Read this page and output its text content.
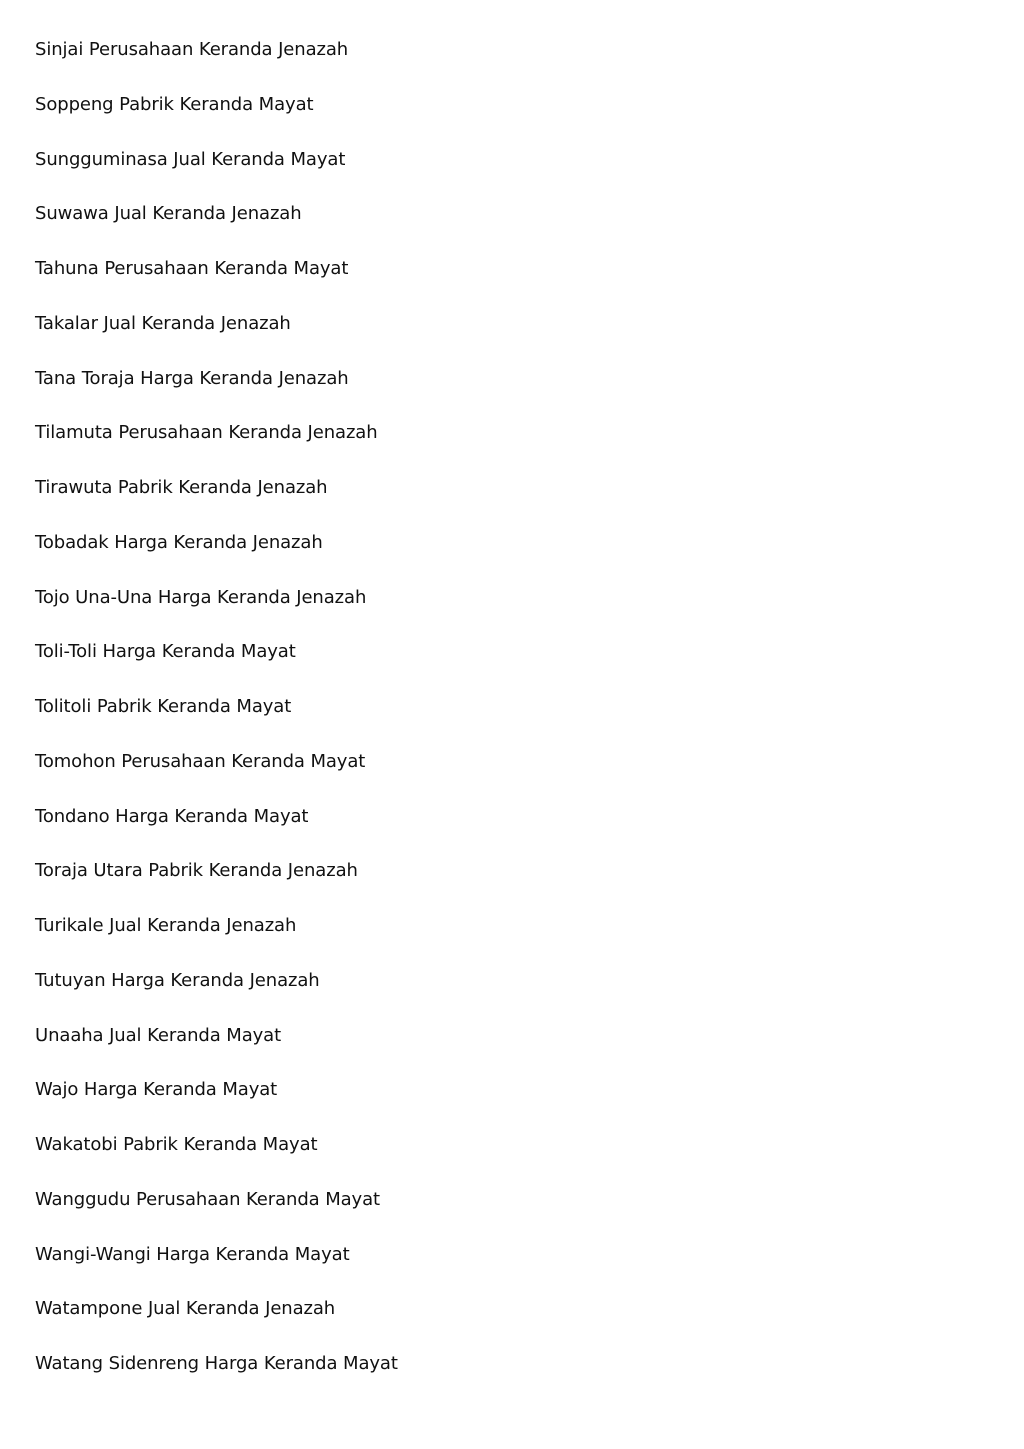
Sinjai Perusahaan Keranda Jenazah
Soppeng Pabrik Keranda Mayat
Sungguminasa Jual Keranda Mayat
Suwawa Jual Keranda Jenazah
Tahuna Perusahaan Keranda Mayat
Takalar Jual Keranda Jenazah
Tana Toraja Harga Keranda Jenazah
Tilamuta Perusahaan Keranda Jenazah
Tirawuta Pabrik Keranda Jenazah
Tobadak Harga Keranda Jenazah
Tojo Una-Una Harga Keranda Jenazah
Toli-Toli Harga Keranda Mayat
Tolitoli Pabrik Keranda Mayat
Tomohon Perusahaan Keranda Mayat
Tondano Harga Keranda Mayat
Toraja Utara Pabrik Keranda Jenazah
Turikale Jual Keranda Jenazah
Tutuyan Harga Keranda Jenazah
Unaaha Jual Keranda Mayat
Wajo Harga Keranda Mayat
Wakatobi Pabrik Keranda Mayat
Wanggudu Perusahaan Keranda Mayat
Wangi-Wangi Harga Keranda Mayat
Watampone Jual Keranda Jenazah
Watang Sidenreng Harga Keranda Mayat
